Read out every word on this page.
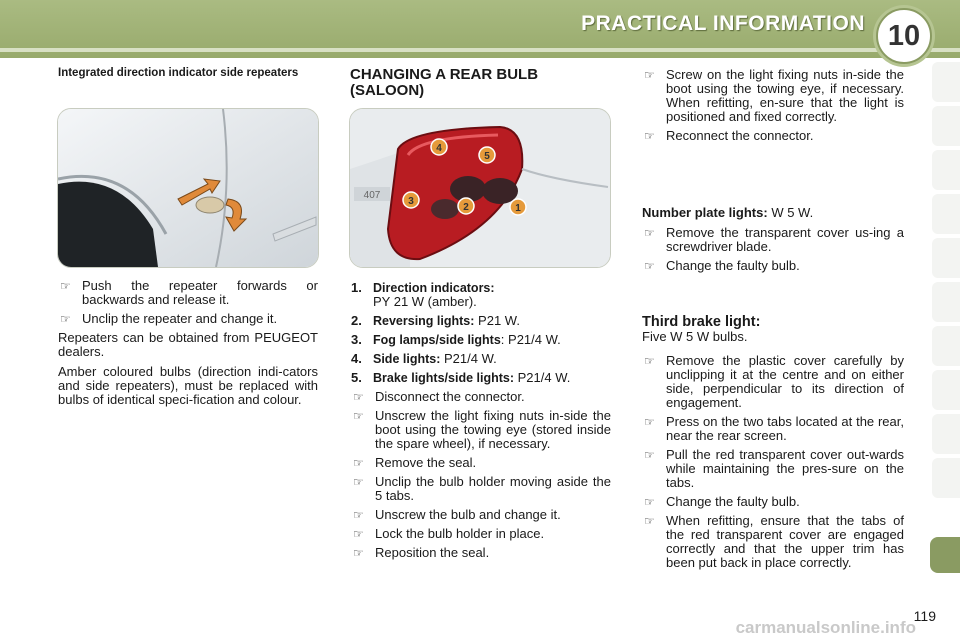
PRACTICAL INFORMATION 10
Integrated direction indicator side repeaters
☞ Push the repeater forwards or backwards and release it.
☞ Unclip the repeater and change it.

Repeaters can be obtained from PEUGEOT dealers.

Amber coloured bulbs (direction indi-cators and side repeaters), must be replaced with bulbs of identical speci-fication and colour.

CHANGING A REAR BULB (SALOON)
407
4
5
3
2	1
1. Direction indicators:
PY 21 W (amber).
2. Reversing lights: P21 W.
3. Fog lamps/side lights: P21/4 W.
4. Side lights: P21/4 W.
5. Brake lights/side lights: P21/4 W.
☞ Disconnect the connector.
☞ Unscrew the light fixing nuts in-side the boot using the towing eye (stored inside the spare wheel), if necessary.
☞ Remove the seal.
☞ Unclip the bulb holder moving aside the 5 tabs.
☞ Unscrew the bulb and change it.
☞ Lock the bulb holder in place.
☞ Reposition the seal.
☞ Screw on the light fixing nuts in-side the boot using the towing eye, if necessary. When refitting, en-sure that the light is positioned and fixed correctly.
☞ Reconnect the connector.

Number plate lights: W 5 W.

☞ Remove the transparent cover us-ing a screwdriver blade.
☞ Change the faulty bulb.
Third brake light:

Five W 5 W bulbs.

☞ Remove the plastic cover carefully by unclipping it at the centre and on either side, perpendicular to its direction of engagement.
☞ Press on the two tabs located at the rear, near the rear screen.
☞ Pull the red transparent cover out-wards while maintaining the pres-sure on the tabs.
☞ Change the faulty bulb.
☞ When refitting, ensure that the tabs of the red transparent cover are engaged correctly and that the upper trim has been put back in place correctly.
carmanualsonline.info
119
